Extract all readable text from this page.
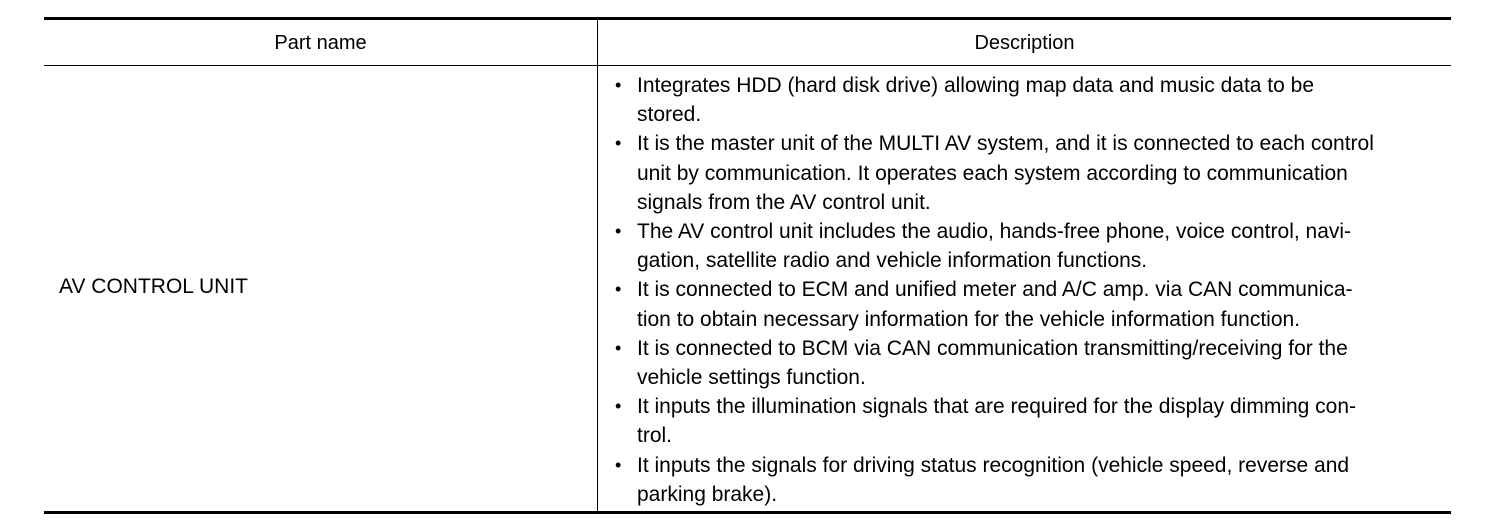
Part name	Description
AV CONTROL UNIT
• Integrates HDD (hard disk drive) allowing map data and music data to be
stored.
• It is the master unit of the MULTI AV system, and it is connected to each control
unit by communication. It operates each system according to communication
signals from the AV control unit.
• The AV control unit includes the audio, hands-free phone, voice control, navi-
gation, satellite radio and vehicle information functions.
• It is connected to ECM and unified meter and A/C amp. via CAN communica-
tion to obtain necessary information for the vehicle information function.
• It is connected to BCM via CAN communication transmitting/receiving for the
vehicle settings function.
• It inputs the illumination signals that are required for the display dimming con-
trol.
• It inputs the signals for driving status recognition (vehicle speed, reverse and
parking brake).
